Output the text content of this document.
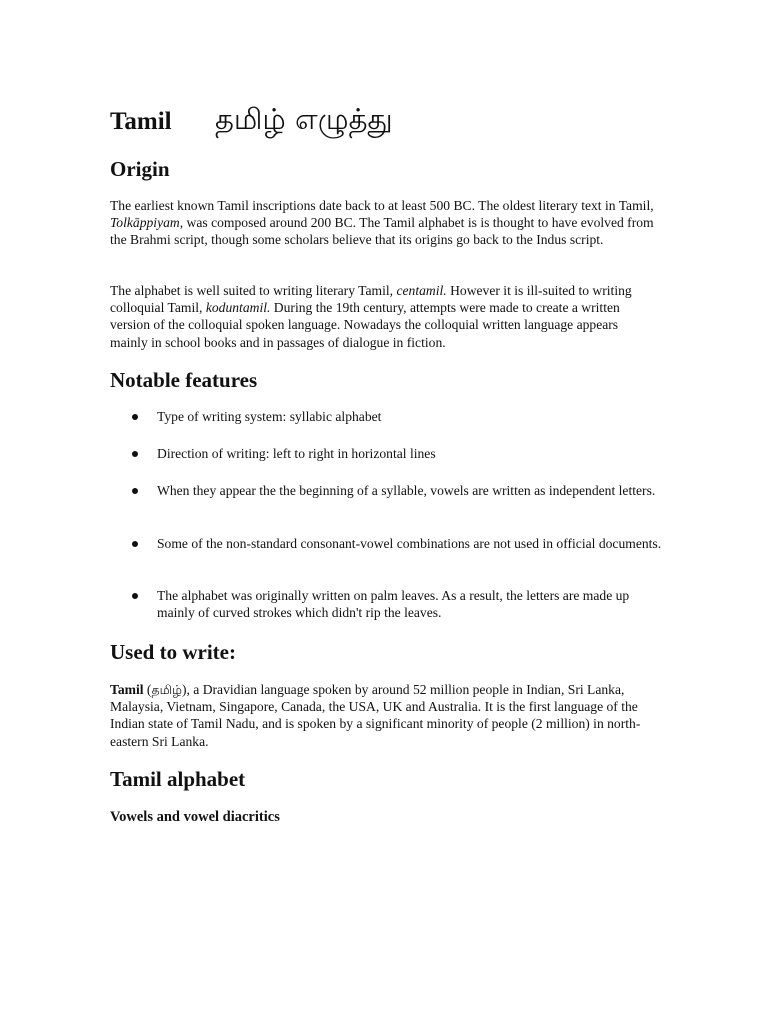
Tamil தமிழ் எழுத்து
Origin

The earliest known Tamil inscriptions date back to at least 500 BC. The oldest literary text in Tamil, Tolkāppiyam, was composed around 200 BC. The Tamil alphabet is is thought to have evolved from the Brahmi script, though some scholars believe that its origins go back to the Indus script.

The alphabet is well suited to writing literary Tamil, centamil. However it is ill-suited to writing colloquial Tamil, koduntamil. During the 19th century, attempts were made to create a written version of the colloquial spoken language. Nowadays the colloquial written language appears mainly in school books and in passages of dialogue in fiction.

Notable features
Type of writing system: syllabic alphabet
Direction of writing: left to right in horizontal lines
When they appear the the beginning of a syllable, vowels are written as independent letters.
Some of the non-standard consonant-vowel combinations are not used in official documents.
The alphabet was originally written on palm leaves. As a result, the letters are made up mainly of curved strokes which didn't rip the leaves.
Used to write:

Tamil (தமிழ்), a Dravidian language spoken by around 52 million people in Indian, Sri Lanka, Malaysia, Vietnam, Singapore, Canada, the USA, UK and Australia. It is the first language of the Indian state of Tamil Nadu, and is spoken by a significant minority of people (2 million) in north-eastern Sri Lanka.

Tamil alphabet
Vowels and vowel diacritics
